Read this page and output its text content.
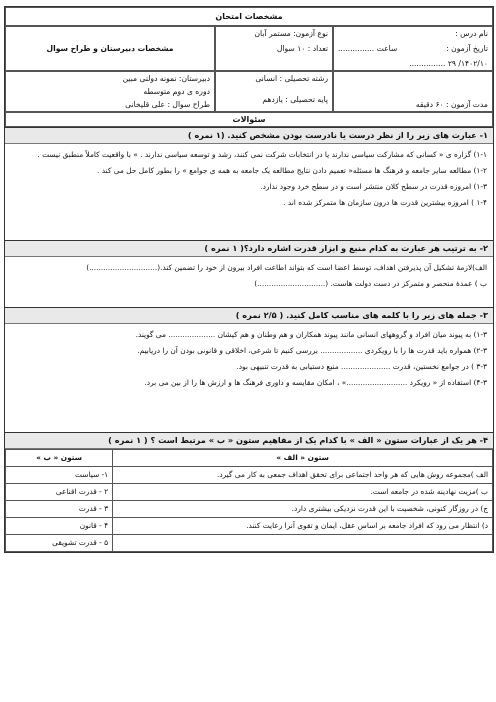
مشخصات امتحان
مشخصات دبیرستان و طراح سوال
نوع آزمون: مستمر آبان
تعداد : ۱۰ سوال
نام درس :
تاریخ آزمون :
ساعت ...............
۱۴۰۲/۱۰/ ۲۹ ...............
دبیرستان: نمونه دولتی مبین
دوره ی دوم متوسطه
طراح سوال : علی قلیخانی
رشته تحصیلی : انسانی
پایه تحصیلی : یازدهم
مدت آزمون : ۶۰ دقیقه
سئوالات
۱- عبارت های زیر را از نظر درست یا نادرست بودن مشخص کنید. (۱ نمره )
۱-۱) گزاره ی « کسانی که مشارکت سیاسی ندارند یا در انتخابات شرکت نمی کنند، رشد و توسعه سیاسی ندارند . » با واقعیت کاملاً منطبق نیست .
۱-۲) مطالعه سایر جامعه و فرهنگ ها مسئله« تعمیم دادن نتایج مطالعه یک جامعه به همه ی جوامع » را بطور کامل حل می کند .
۱-۳) امروزه قدرت در سطح کلان منتشر است و در سطح خرد وجود ندارد.
۱-۴ ) امروزه بیشترین قدرت ها درون سازمان ها متمرکز شده اند .
۲- به ترتیب هر عبارت به کدام منبع و ابزار قدرت اشاره دارد؟( ۱ نمره )
الف)لازمهٔ تشکیل آن پذیرفتن اهداف، توسط اعضا است که بتواند اطاعت افراد بیرون از خود را تضمین کند.(.............................)
ب ) عمدهٔ منحصر و متمرکز در دست دولت هاست. (.............................)
۳- جمله های زیر را با کلمه های مناسب کامل کنید. ( ۲/۵ نمره )
۱-۳) به پیوند میان افراد و گروههای انسانی مانند پیوند همکاران و هم وطنان و هم کیشان .................... می گویند.
۲-۳) همواره باید قدرت ها را با رویکردی .................. بررسی کنیم تا شرعی، اخلاقی و قانونی بودن آن را دریابیم.
۳-۳ ) در جوامع نخستین، قدرت ..................... منبع دستیابی به قدرت تنبیهی بود.
۴-۳) استفاده از « رویکرد ..........................» ، امکان مقایسه و داوری فرهنگ ها و ارزش ها را از بین می برد.
۴- هر یک از عبارات ستون « الف » با کدام یک از مفاهیم ستون « ب » مرتبط است ؟ ( ۱ نمره )
ستون « الف »	ستون « ب »
الف )مجموعه روش هایی که هر واحد اجتماعی برای تحقق اهداف جمعی به کار می گیرد.	۱- سیاست
ب )مزیت نهادینه شده در جامعه است.	۲ - قدرت اقناعی
ج) در روزگار کنونی، شخصیت با این قدرت نزدیکی بیشتری دارد.	۳ - قدرت
د) انتظار می رود که افراد جامعه بر اساس عقل، ایمان و تقوی آنرا رعایت کنند.	۴ - قانون
	۵ - قدرت تشویقی
